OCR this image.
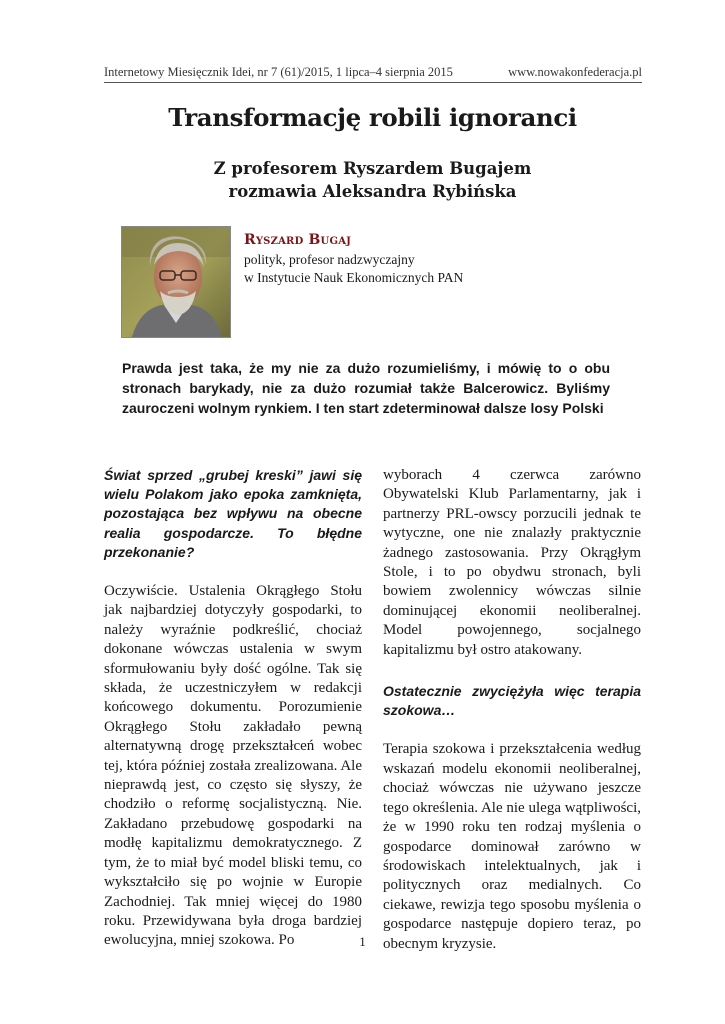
Internetowy Miesięcznik Idei, nr 7 (61)/2015, 1 lipca–4 sierpnia 2015	www.nowakonfederacja.pl
Transformację robili ignoranci
Z profesorem Ryszardem Bugajem
rozmawia Aleksandra Rybińska
Ryszard Bugaj
polityk, profesor nadzwyczajny
w Instytucie Nauk Ekonomicznych PAN
Prawda jest taka, że my nie za dużo rozumieliśmy, i mówię to o obu stronach barykady, nie za dużo rozumiał także Balcerowicz. Byliśmy zauroczeni wolnym rynkiem. I ten start zdeterminował dalsze losy Polski

Świat sprzed „grubej kreski” jawi się wielu Polakom jako epoka zamknięta, pozostająca bez wpływu na obecne realia gospodarcze. To błędne przekonanie?

Oczywiście. Ustalenia Okrągłego Stołu jak najbardziej dotyczyły gospodarki, to należy wyraźnie podkreślić, chociaż dokonane wówczas ustalenia w swym sformułowaniu były dość ogólne. Tak się składa, że uczestniczyłem w redakcji końcowego dokumentu. Porozumienie Okrągłego Stołu zakładało pewną alternatywną drogę przekształceń wobec tej, która później została zrealizowana. Ale nieprawdą jest, co często się słyszy, że chodziło o reformę socjalistyczną. Nie. Zakładano przebudowę gospodarki na modłę kapitalizmu demokratycznego. Z tym, że to miał być model bliski temu, co wykształciło się po wojnie w Europie Zachodniej. Tak mniej więcej do 1980 roku. Przewidywana była droga bardziej ewolucyjna, mniej szokowa. Po

wyborach 4 czerwca zarówno Obywatelski Klub Parlamentarny, jak i partnerzy PRL-owscy porzucili jednak te wytyczne, one nie znalazły praktycznie żadnego zastosowania. Przy Okrągłym Stole, i to po obydwu stronach, byli bowiem zwolennicy wówczas silnie dominującej ekonomii neoliberalnej. Model powojennego, socjalnego kapitalizmu był ostro atakowany.

Ostatecznie zwyciężyła więc terapia szokowa…

Terapia szokowa i przekształcenia według wskazań modelu ekonomii neoliberalnej, chociaż wówczas nie używano jeszcze tego określenia. Ale nie ulega wątpliwości, że w 1990 roku ten rodzaj myślenia o gospodarce dominował zarówno w środowiskach intelektualnych, jak i politycznych oraz medialnych. Co ciekawe, rewizja tego sposobu myślenia o gospodarce następuje dopiero teraz, po obecnym kryzysie.

1
